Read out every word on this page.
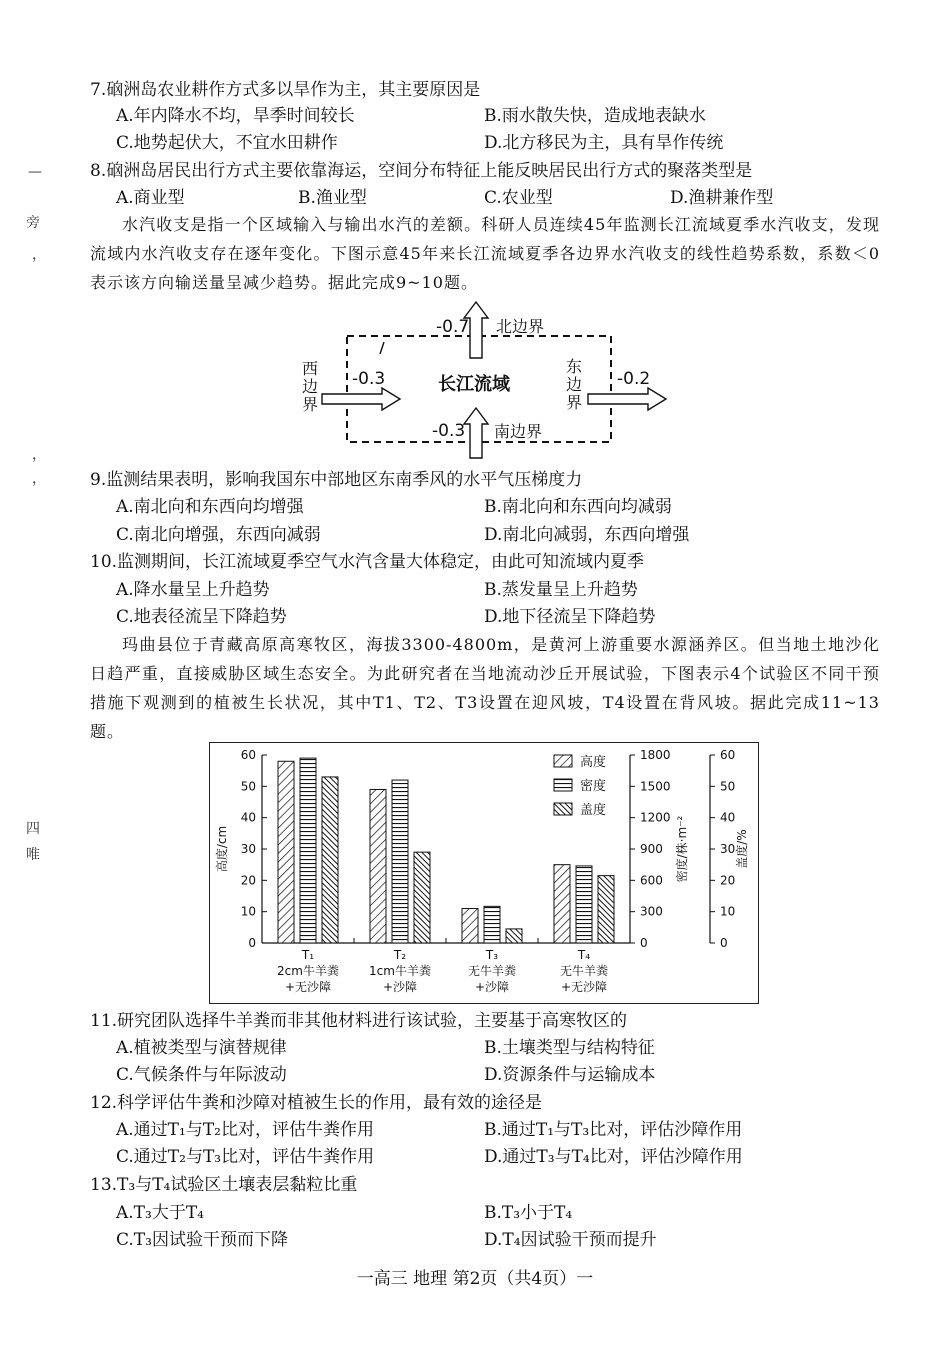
—
旁
，
，
，
四
唯
7.硇洲岛农业耕作方式多以旱作为主，其主要原因是
A.年内降水不均，旱季时间较长	B.雨水散失快，造成地表缺水
C.地势起伏大，不宜水田耕作	D.北方移民为主，具有旱作传统
8.硇洲岛居民出行方式主要依靠海运，空间分布特征上能反映居民出行方式的聚落类型是
A.商业型	B.渔业型	C.农业型	D.渔耕兼作型

水汽收支是指一个区域输入与输出水汽的差额。科研人员连续45年监测长江流域夏季水汽收支，发现流域内水汽收支存在逐年变化。下图示意45年来长江流域夏季各边界水汽收支的线性趋势系数，系数＜0表示该方向输送量呈减少趋势。据此完成9~10题。

-0.7 北边界
-0.3 南边界
-0.3	-0.2
长江流域
西
边
界
东
边
界
9.监测结果表明，影响我国东中部地区东南季风的水平气压梯度力
A.南北向和东西向均增强	B.南北向和东西向均减弱
C.南北向增强，东西向减弱	D.南北向减弱，东西向增强
10.监测期间，长江流域夏季空气水汽含量大体稳定，由此可知流域内夏季
A.降水量呈上升趋势	B.蒸发量呈上升趋势
C.地表径流呈下降趋势	D.地下径流呈下降趋势

玛曲县位于青藏高原高寒牧区，海拔3300-4800m，是黄河上游重要水源涵养区。但当地土地沙化日趋严重，直接威胁区域生态安全。为此研究者在当地流动沙丘开展试验，下图表示4个试验区不同干预措施下观测到的植被生长状况，其中T1、T2、T3设置在迎风坡，T4设置在背风坡。据此完成11~13题。

0
10
20
30
40
50
60
高度/cm
0
300
600
900
1200
1500
1800
密度/株·m⁻²
0
10
20
30
40
50
60
盖度/%
T₁
2cm牛羊粪
+无沙障
T₂
1cm牛羊粪
+沙障
T₃
无牛羊粪
+沙障
T₄
无牛羊粪
+无沙障
高度
密度
盖度
11.研究团队选择牛羊粪而非其他材料进行该试验，主要基于高寒牧区的
A.植被类型与演替规律	B.土壤类型与结构特征
C.气候条件与年际波动	D.资源条件与运输成本
12.科学评估牛粪和沙障对植被生长的作用，最有效的途径是
A.通过T₁与T₂比对，评估牛粪作用	B.通过T₁与T₃比对，评估沙障作用
C.通过T₂与T₃比对，评估牛粪作用	D.通过T₃与T₄比对，评估沙障作用
13.T₃与T₄试验区土壤表层黏粒比重
A.T₃大于T₄	B.T₃小于T₄
C.T₃因试验干预而下降	D.T₄因试验干预而提升
一高三 地理 第2页（共4页）一
